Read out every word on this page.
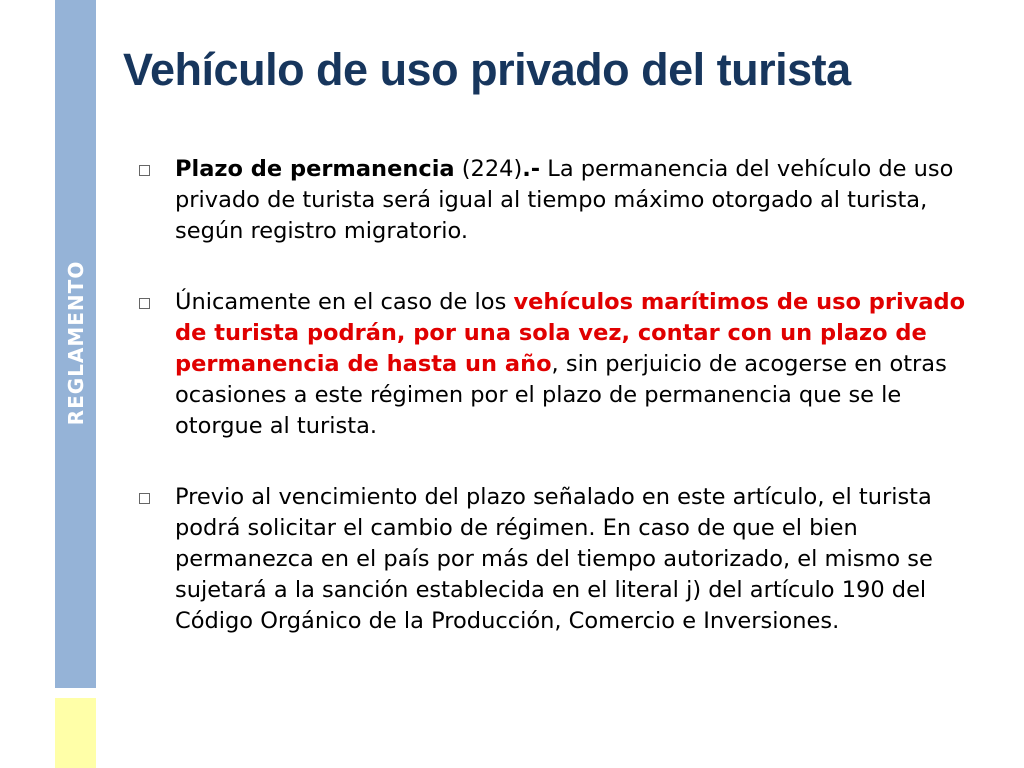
REGLAMENTO
Vehículo de uso privado del turista
Plazo de permanencia (224).- La permanencia del vehículo de uso privado de turista será igual al tiempo máximo otorgado al turista, según registro migratorio.
Únicamente en el caso de los vehículos marítimos de uso privado de turista podrán, por una sola vez, contar con un plazo de permanencia de hasta un año, sin perjuicio de acogerse en otras ocasiones a este régimen por el plazo de permanencia que se le otorgue al turista.
Previo al vencimiento del plazo señalado en este artículo, el turista podrá solicitar el cambio de régimen. En caso de que el bien permanezca en el país por más del tiempo autorizado, el mismo se sujetará a la sanción establecida en el literal j) del artículo 190 del Código Orgánico de la Producción, Comercio e Inversiones.
